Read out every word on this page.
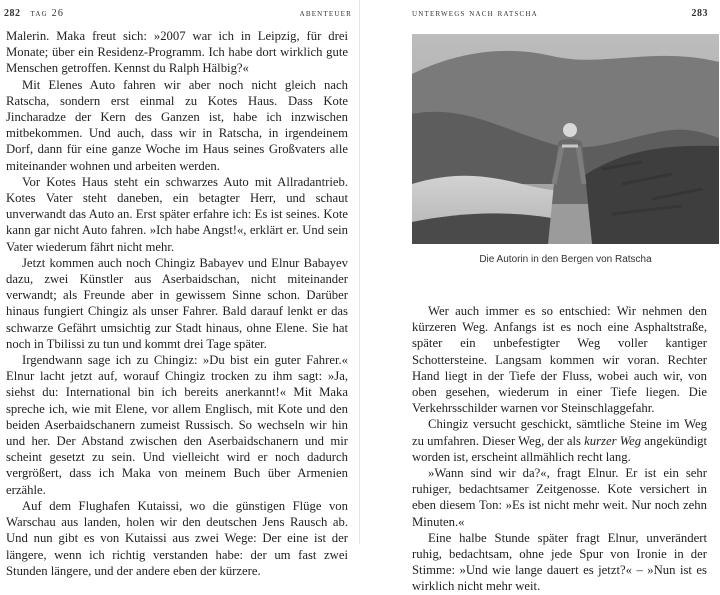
282 tag 26	abenteuer

Malerin. Maka freut sich: »2007 war ich in Leipzig, für drei Monate; über ein Residenz-Programm. Ich habe dort wirklich gute Menschen getroffen. Kennst du Ralph Hälbig?«

Mit Elenes Auto fahren wir aber noch nicht gleich nach Ratscha, sondern erst einmal zu Kotes Haus. Dass Kote Jincharadze der Kern des Ganzen ist, habe ich inzwischen mitbekommen. Und auch, dass wir in Ratscha, in irgendeinem Dorf, dann für eine ganze Woche im Haus seines Großvaters alle miteinander wohnen und arbeiten werden.

Vor Kotes Haus steht ein schwarzes Auto mit Allradantrieb. Kotes Vater steht daneben, ein betagter Herr, und schaut unverwandt das Auto an. Erst später erfahre ich: Es ist seines. Kote kann gar nicht Auto fahren. »Ich habe Angst!«, erklärt er. Und sein Vater wiederum fährt nicht mehr.

Jetzt kommen auch noch Chingiz Babayev und Elnur Babayev dazu, zwei Künstler aus Aserbaidschan, nicht miteinander verwandt; als Freunde aber in gewissem Sinne schon. Darüber hinaus fungiert Chingiz als unser Fahrer. Bald darauf lenkt er das schwarze Gefährt umsichtig zur Stadt hinaus, ohne Elene. Sie hat noch in Tbilissi zu tun und kommt drei Tage später.

Irgendwann sage ich zu Chingiz: »Du bist ein guter Fahrer.« Elnur lacht jetzt auf, worauf Chingiz trocken zu ihm sagt: »Ja, siehst du: International bin ich bereits anerkannt!« Mit Maka spreche ich, wie mit Elene, vor allem Englisch, mit Kote und den beiden Aserbaidschanern zumeist Russisch. So wechseln wir hin und her. Der Abstand zwischen den Aserbaidschanern und mir scheint gesetzt zu sein. Und vielleicht wird er noch dadurch vergrößert, dass ich Maka von meinem Buch über Armenien erzähle.

Auf dem Flughafen Kutaissi, wo die günstigen Flüge von Warschau aus landen, holen wir den deutschen Jens Rausch ab. Und nun gibt es von Kutaissi aus zwei Wege: Der eine ist der längere, wenn ich richtig verstanden habe: der um fast zwei Stunden längere, und der andere eben der kürzere.

unterwegs nach ratscha	283
Die Autorin in den Bergen von Ratscha

Wer auch immer es so entschied: Wir nehmen den kürzeren Weg. Anfangs ist es noch eine Asphaltstraße, später ein unbefestigter Weg voller kantiger Schottersteine. Langsam kommen wir voran. Rechter Hand liegt in der Tiefe der Fluss, wobei auch wir, von oben gesehen, wiederum in einer Tiefe liegen. Die Verkehrsschilder warnen vor Steinschlaggefahr.

Chingiz versucht geschickt, sämtliche Steine im Weg zu umfahren. Dieser Weg, der als kurzer Weg angekündigt worden ist, erscheint allmählich recht lang.

»Wann sind wir da?«, fragt Elnur. Er ist ein sehr ruhiger, bedachtsamer Zeitgenosse. Kote versichert in eben diesem Ton: »Es ist nicht mehr weit. Nur noch zehn Minuten.«

Eine halbe Stunde später fragt Elnur, unverändert ruhig, bedachtsam, ohne jede Spur von Ironie in der Stimme: »Und wie lange dauert es jetzt?« – »Nun ist es wirklich nicht mehr weit.
